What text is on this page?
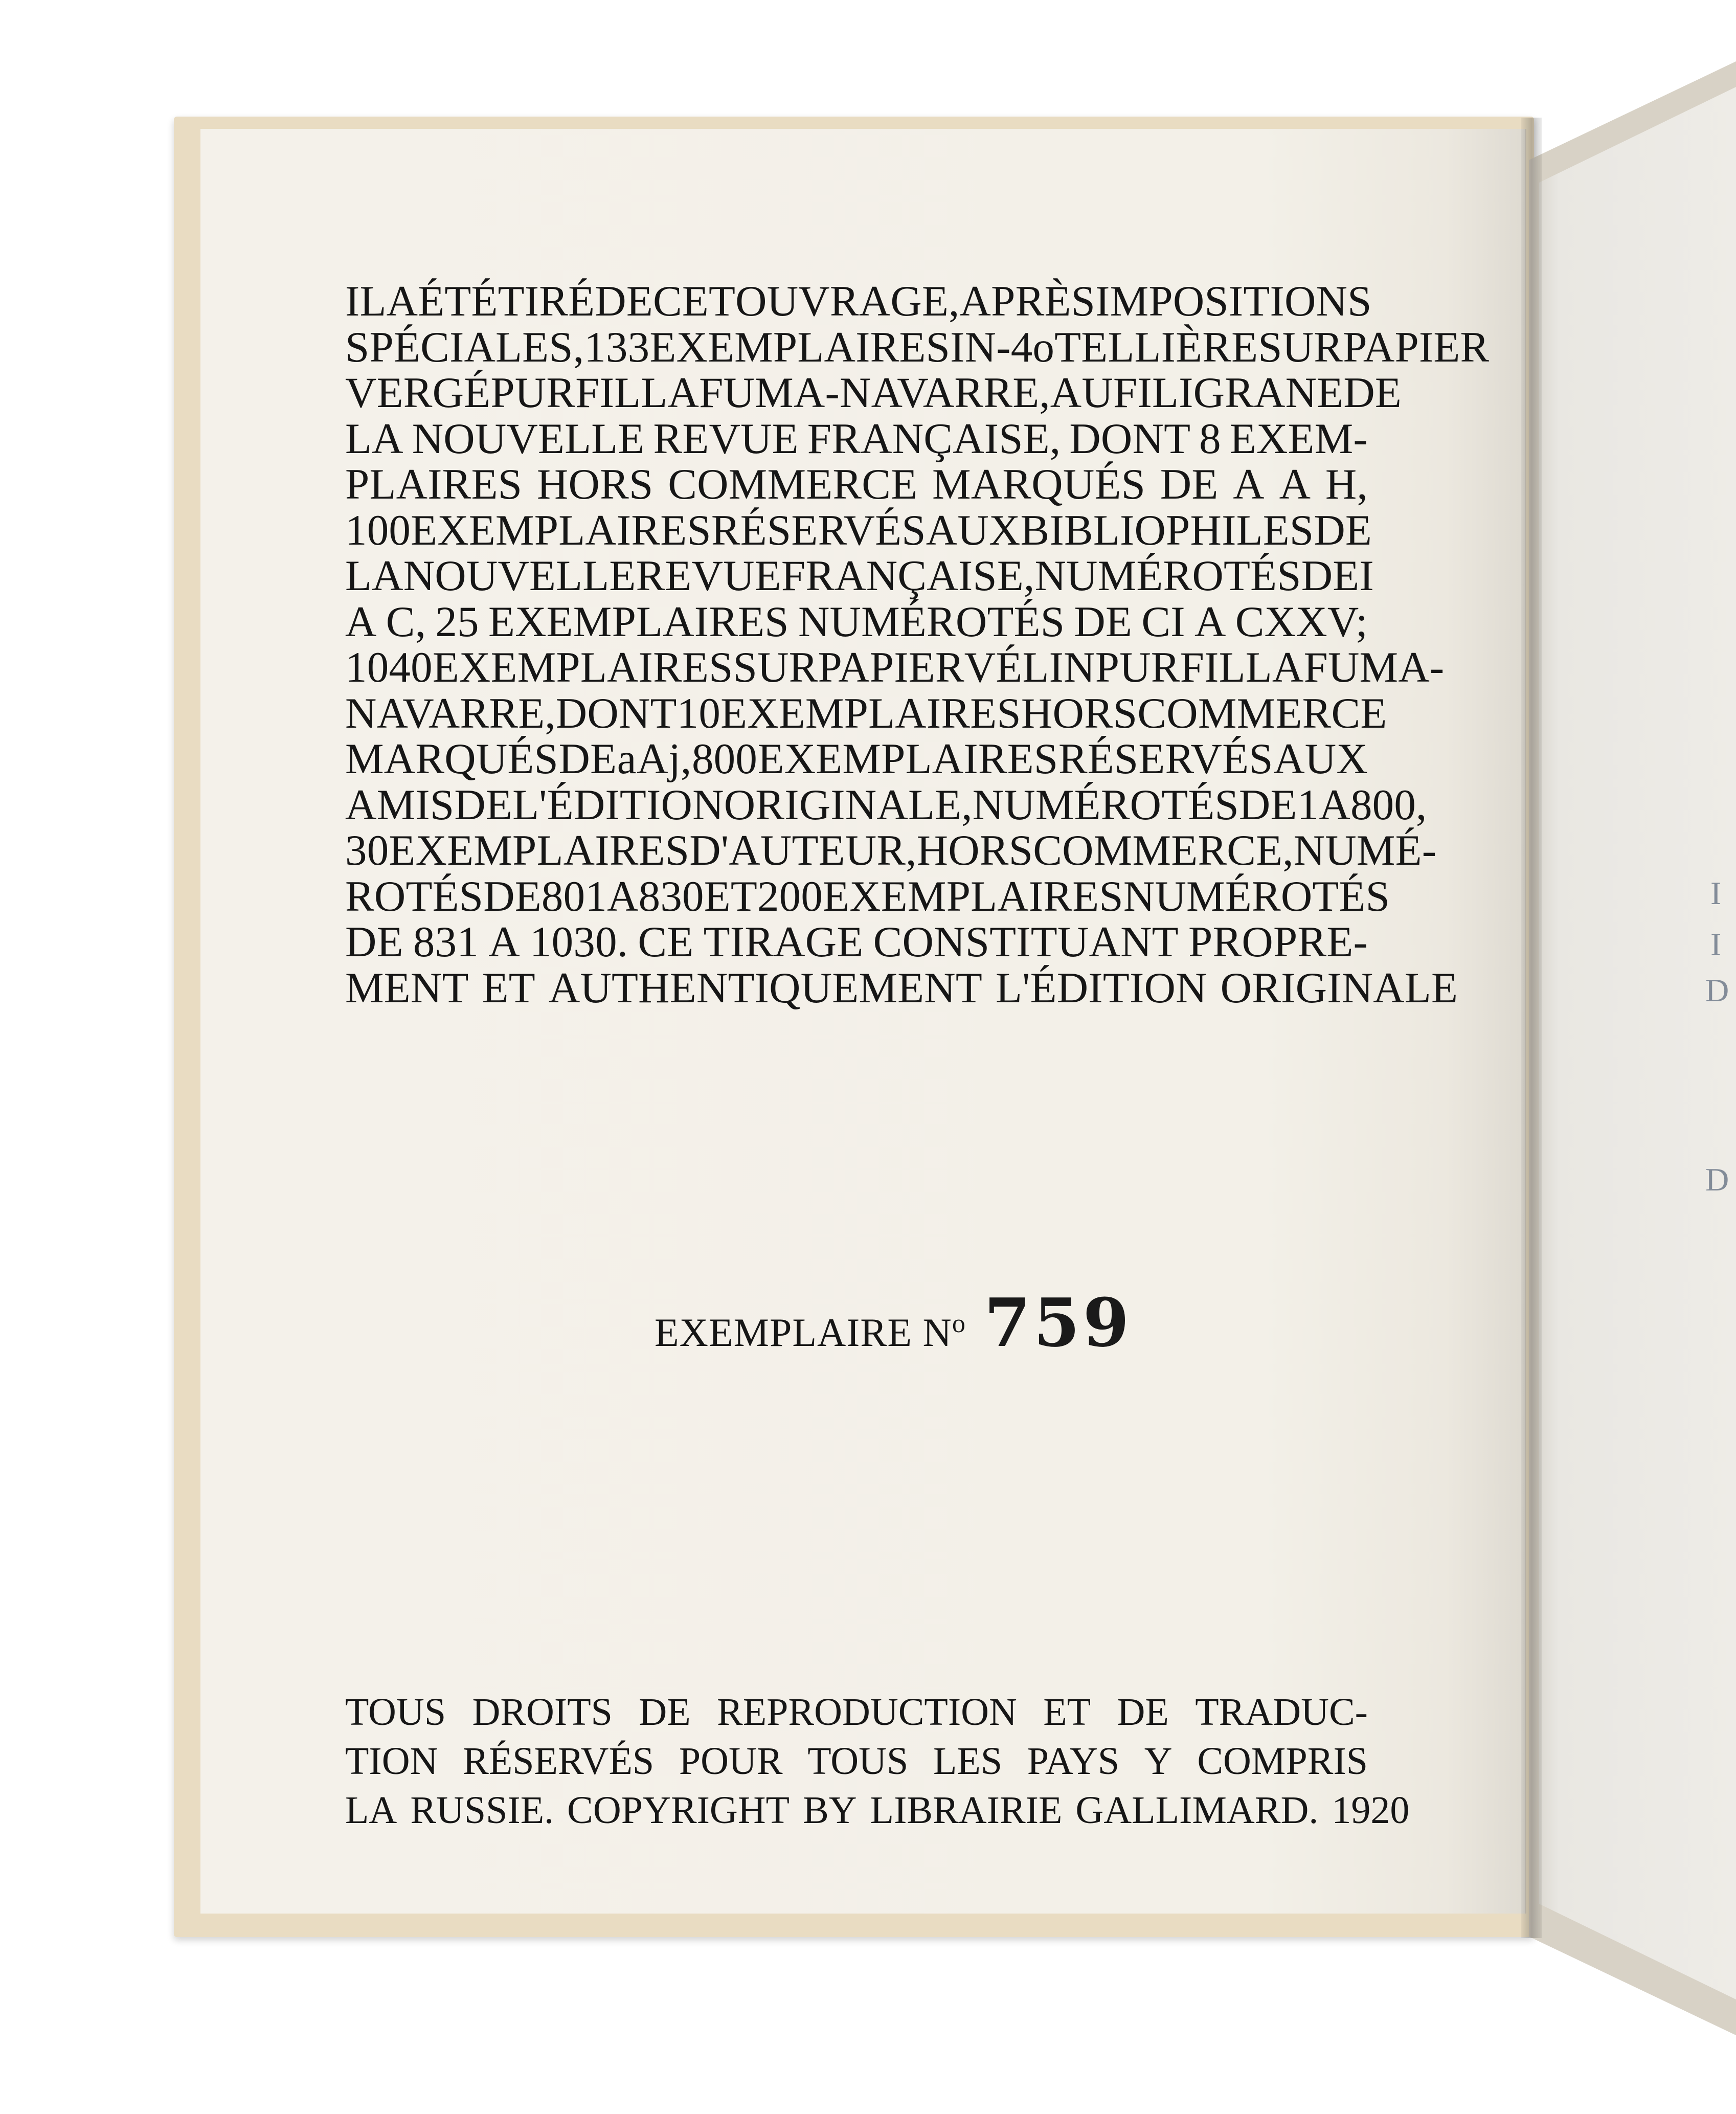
I
I
D
D
IL A ÉTÉ TIRÉ DE CET OUVRAGE, APRÈS IMPOSITIONS
SPÉCIALES, 133 EXEMPLAIRES IN-4o TELLIÈRE SUR PAPIER
VERGÉ PUR FIL LAFUMA-NAVARRE, AU FILIGRANE DE
LA NOUVELLE REVUE FRANÇAISE, DONT 8 EXEM-
PLAIRES HORS COMMERCE MARQUÉS DE A A H,
100 EXEMPLAIRES RÉSERVÉS AUX BIBLIOPHILES DE
LA NOUVELLE REVUE FRANÇAISE, NUMÉROTÉS DE I
A C, 25 EXEMPLAIRES NUMÉROTÉS DE CI A CXXV;
1040 EXEMPLAIRES SUR PAPIER VÉLIN PUR FIL LAFUMA-
NAVARRE, DONT 10 EXEMPLAIRES HORS COMMERCE
MARQUÉS DE a A j, 800 EXEMPLAIRES RÉSERVÉS AUX
AMIS DE L'ÉDITION ORIGINALE, NUMÉROTÉS DE 1 A 800,
30 EXEMPLAIRES D'AUTEUR, HORS COMMERCE, NUMÉ-
ROTÉS DE 801 A 830 ET 200 EXEMPLAIRES NUMÉROTÉS
DE 831 A 1030. CE TIRAGE CONSTITUANT PROPRE-
MENT ET AUTHENTIQUEMENT L'ÉDITION ORIGINALE
EXEMPLAIRE $N^o$ 759
TOUS DROITS DE REPRODUCTION ET DE TRADUC-
TION RÉSERVÉS POUR TOUS LES PAYS Y COMPRIS
LA RUSSIE. COPYRIGHT BY LIBRAIRIE GALLIMARD. 1920
